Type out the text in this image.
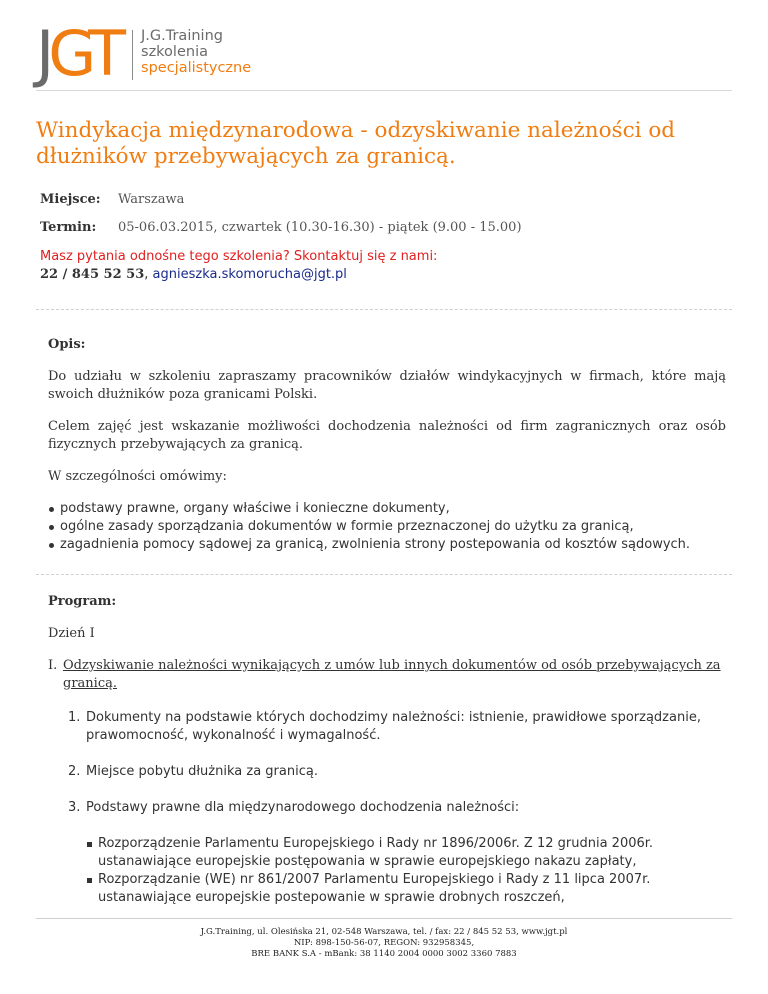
JGT J.G.Training
szkolenia
specjalistyczne
Windykacja międzynarodowa - odzyskiwanie należności od dłużników przebywających za granicą.
Miejsce:	Warszawa
Termin:	05-06.03.2015, czwartek (10.30-16.30) - piątek (9.00 - 15.00)
Masz pytania odnośne tego szkolenia? Skontaktuj się z nami:
22 / 845 52 53, agnieszka.skomorucha@jgt.pl

Opis:

Do udziału w szkoleniu zapraszamy pracowników działów windykacyjnych w firmach, które mają swoich dłużników poza granicami Polski.

Celem zajęć jest wskazanie możliwości dochodzenia należności od firm zagranicznych oraz osób fizycznych przebywających za granicą.

W szczególności omówimy:

podstawy prawne, organy właściwe i konieczne dokumenty,
ogólne zasady sporządzania dokumentów w formie przeznaczonej do użytku za granicą,
zagadnienia pomocy sądowej za granicą, zwolnienia strony postepowania od kosztów sądowych.

Program:

Dzień I

I. Odzyskiwanie należności wynikających z umów lub innych dokumentów od osób przebywających za granicą.
1. Dokumenty na podstawie których dochodzimy należności: istnienie, prawidłowe sporządzanie, prawomocność, wykonalność i wymagalność.
2. Miejsce pobytu dłużnika za granicą.
3. Podstawy prawne dla międzynarodowego dochodzenia należności:
Rozporządzenie Parlamentu Europejskiego i Rady nr 1896/2006r. Z 12 grudnia 2006r. ustanawiające europejskie postępowania w sprawie europejskiego nakazu zapłaty,
Rozporządzanie (WE) nr 861/2007 Parlamentu Europejskiego i Rady z 11 lipca 2007r. ustanawiające europejskie postepowanie w sprawie drobnych roszczeń,
J.G.Training, ul. Olesińska 21, 02-548 Warszawa, tel. / fax: 22 / 845 52 53, www.jgt.pl
NIP: 898-150-56-07, REGON: 932958345,
BRE BANK S.A - mBank: 38 1140 2004 0000 3002 3360 7883
